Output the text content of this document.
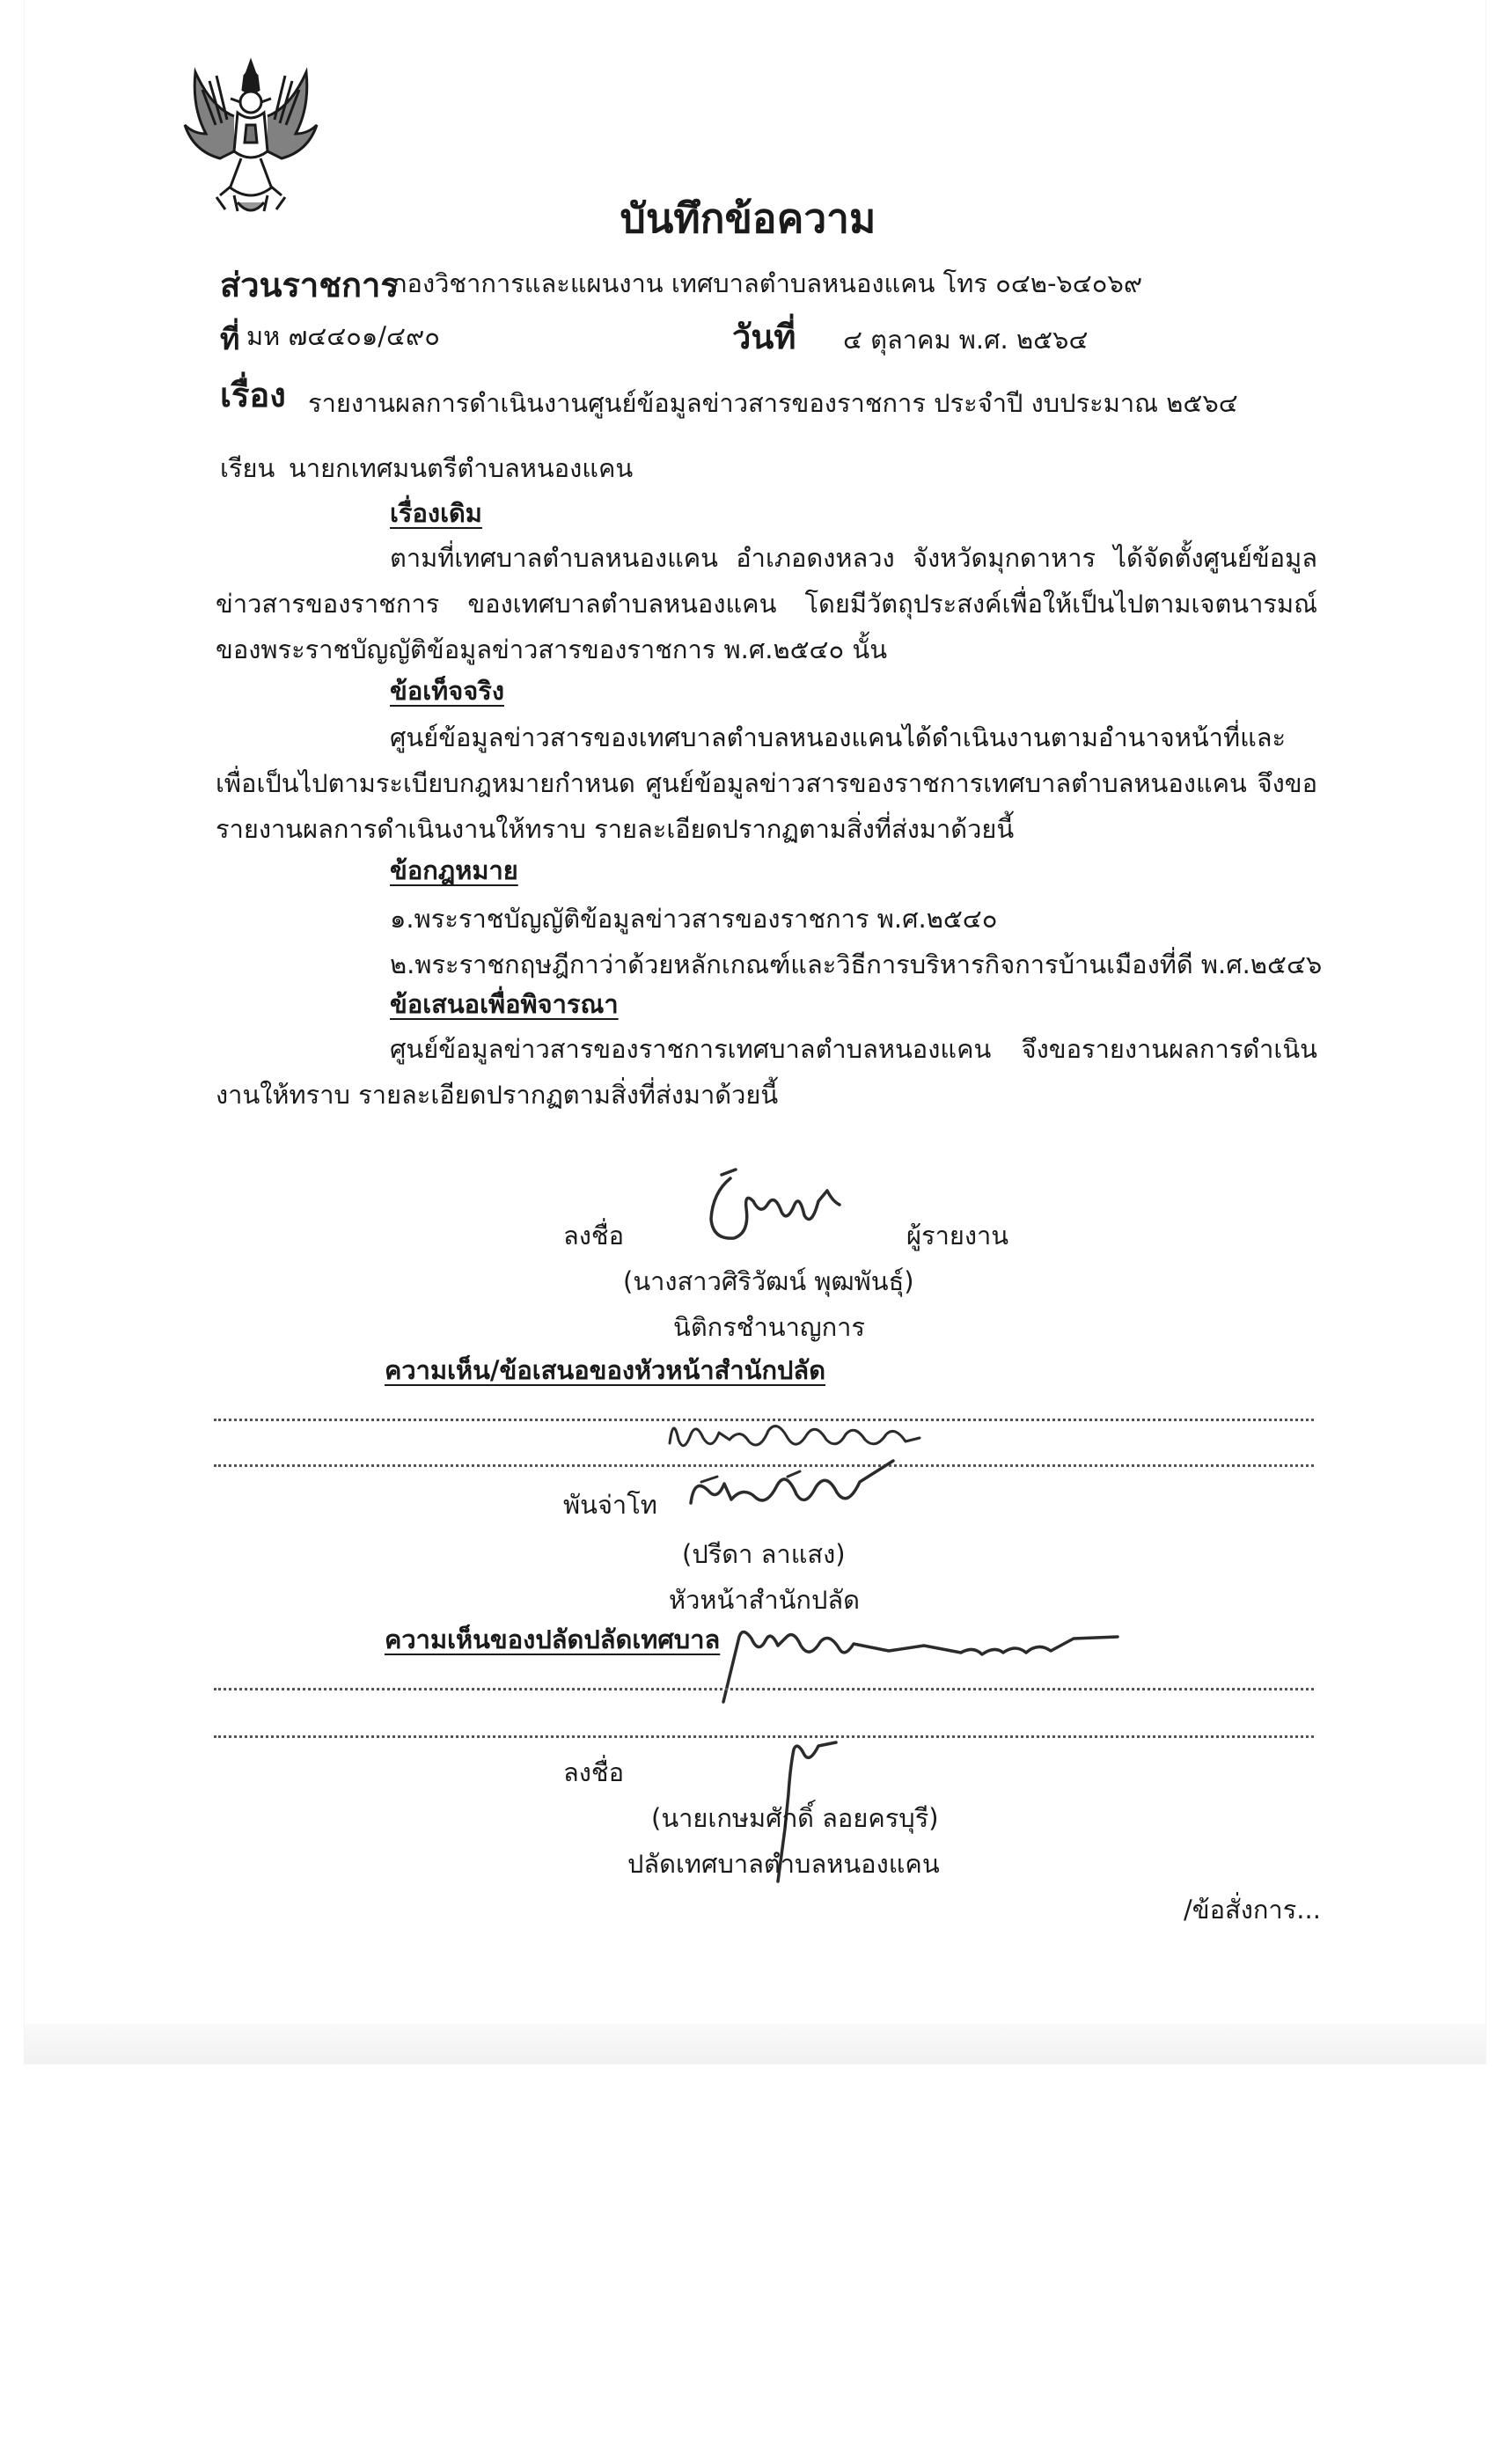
บันทึกข้อความ
ส่วนราชการ
กองวิชาการและแผนงาน เทศบาลตำบลหนองแคน โทร ๐๔๒-๖๔๐๖๙
ที่ มห ๗๔๔๐๑/๔๙๐	วันที่ ๔ ตุลาคม พ.ศ. ๒๕๖๔
เรื่อง รายงานผลการดำเนินงานศูนย์ข้อมูลข่าวสารของราชการ ประจำปี งบประมาณ ๒๕๖๔
เรียน นายกเทศมนตรีตำบลหนองแคน
เรื่องเดิม
ตามที่เทศบาลตำบลหนองแคน อำเภอดงหลวง จังหวัดมุกดาหาร ได้จัดตั้งศูนย์ข้อมูลข่าวสารของราชการ ของเทศบาลตำบลหนองแคน โดยมีวัตถุประสงค์เพื่อให้เป็นไปตามเจตนารมณ์ของพระราชบัญญัติข้อมูลข่าวสารของราชการ พ.ศ.๒๕๔๐ นั้น
ข้อเท็จจริง
ศูนย์ข้อมูลข่าวสารของเทศบาลตำบลหนองแคนได้ดำเนินงานตามอำนาจหน้าที่และเพื่อเป็นไปตามระเบียบกฎหมายกำหนด ศูนย์ข้อมูลข่าวสารของราชการเทศบาลตำบลหนองแคน จึงขอรายงานผลการดำเนินงานให้ทราบ รายละเอียดปรากฏตามสิ่งที่ส่งมาด้วยนี้
ข้อกฎหมาย
๑.พระราชบัญญัติข้อมูลข่าวสารของราชการ พ.ศ.๒๕๔๐
๒.พระราชกฤษฎีกาว่าด้วยหลักเกณฑ์และวิธีการบริหารกิจการบ้านเมืองที่ดี พ.ศ.๒๕๔๖
ข้อเสนอเพื่อพิจารณา
ศูนย์ข้อมูลข่าวสารของราชการเทศบาลตำบลหนองแคน จึงขอรายงานผลการดำเนินงานให้ทราบ รายละเอียดปรากฏตามสิ่งที่ส่งมาด้วยนี้
ลงชื่อ	ผู้รายงาน
(นางสาวศิริวัฒน์ พุฒพันธุ์)
นิติกรชำนาญการ
ความเห็น/ข้อเสนอของหัวหน้าสำนักปลัด
พันจ่าโท
(ปรีดา ลาแสง)
หัวหน้าสำนักปลัด
ความเห็นของปลัดปลัดเทศบาล
ลงชื่อ
(นายเกษมศักดิ์ ลอยครบุรี)
ปลัดเทศบาลตำบลหนองแคน
/ข้อสั่งการ...
